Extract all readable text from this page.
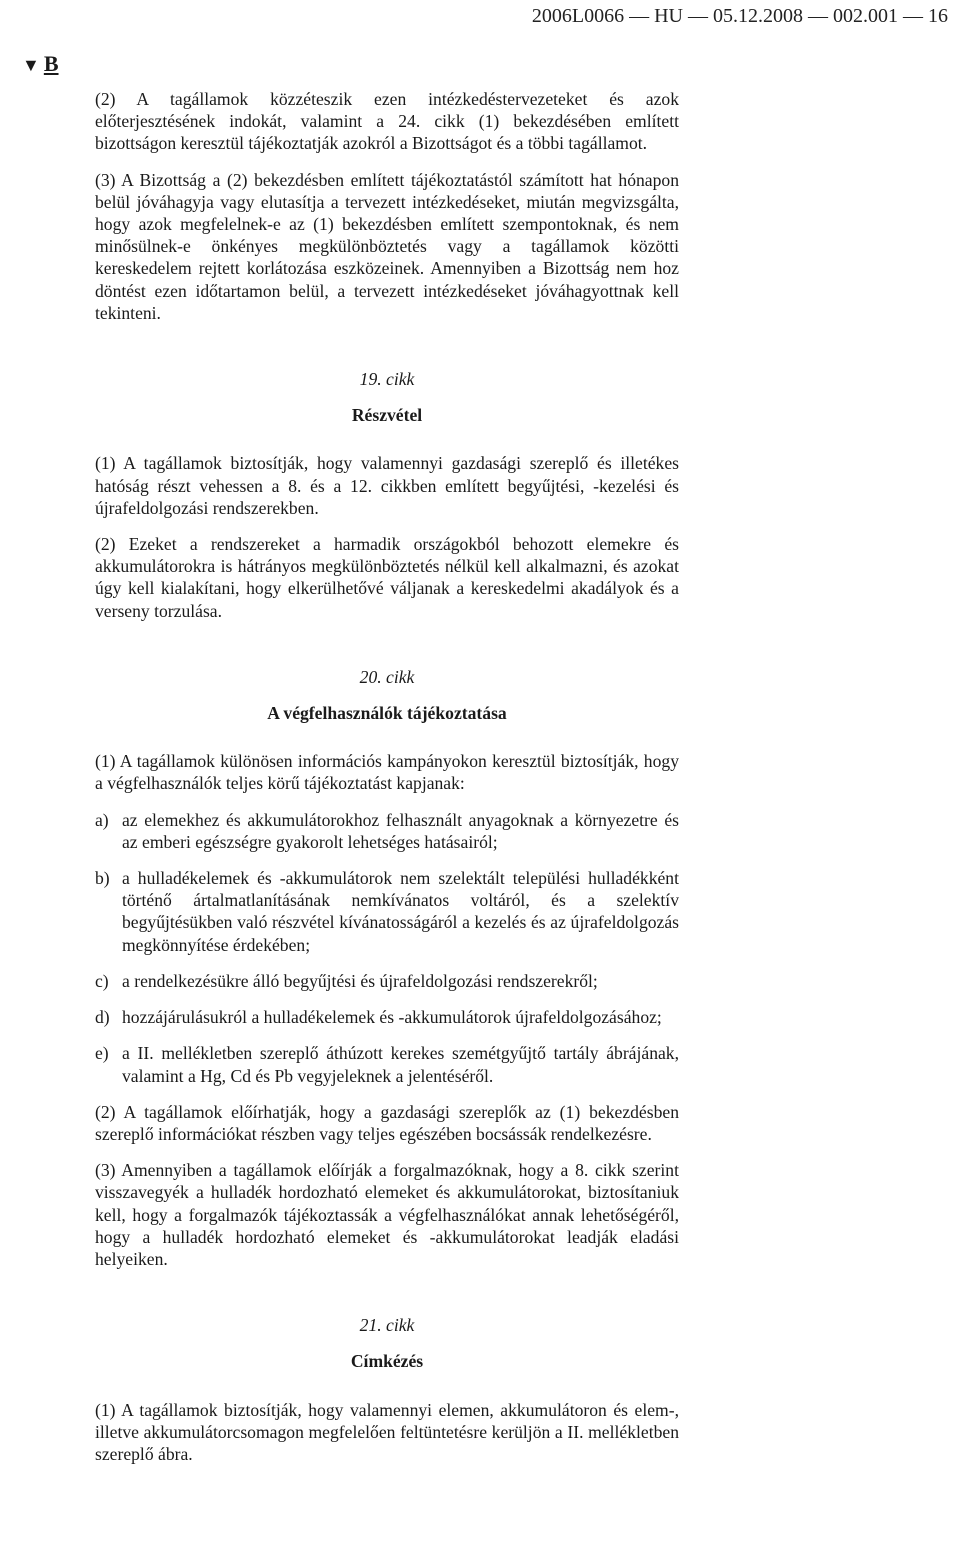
2006L0066 — HU — 05.12.2008 — 002.001 — 16
▼ B

(2) A tagállamok közzéteszik ezen intézkedéstervezeteket és azok előterjesztésének indokát, valamint a 24. cikk (1) bekezdésében említett bizottságon keresztül tájékoztatják azokról a Bizottságot és a többi tagállamot.

(3) A Bizottság a (2) bekezdésben említett tájékoztatástól számított hat hónapon belül jóváhagyja vagy elutasítja a tervezett intézkedéseket, miután megvizsgálta, hogy azok megfelelnek-e az (1) bekezdésben említett szempontoknak, és nem minősülnek-e önkényes megkülönböztetés vagy a tagállamok közötti kereskedelem rejtett korlátozása eszközeinek. Amennyiben a Bizottság nem hoz döntést ezen időtartamon belül, a tervezett intézkedéseket jóváhagyottnak kell tekinteni.

19. cikk
Részvétel

(1) A tagállamok biztosítják, hogy valamennyi gazdasági szereplő és illetékes hatóság részt vehessen a 8. és a 12. cikkben említett begyűjtési, -kezelési és újrafeldolgozási rendszerekben.

(2) Ezeket a rendszereket a harmadik országokból behozott elemekre és akkumulátorokra is hátrányos megkülönböztetés nélkül kell alkalmazni, és azokat úgy kell kialakítani, hogy elkerülhetővé váljanak a kereskedelmi akadályok és a verseny torzulása.

20. cikk
A végfelhasználók tájékoztatása

(1) A tagállamok különösen információs kampányokon keresztül biztosítják, hogy a végfelhasználók teljes körű tájékoztatást kapjanak:

a) az elemekhez és akkumulátorokhoz felhasznált anyagoknak a környezetre és az emberi egészségre gyakorolt lehetséges hatásairól;
b) a hulladékelemek és -akkumulátorok nem szelektált települési hulladékként történő ártalmatlanításának nemkívánatos voltáról, és a szelektív begyűjtésükben való részvétel kívánatosságáról a kezelés és az újrafeldolgozás megkönnyítése érdekében;
c) a rendelkezésükre álló begyűjtési és újrafeldolgozási rendszerekről;
d) hozzájárulásukról a hulladékelemek és -akkumulátorok újrafeldolgozásához;
e) a II. mellékletben szereplő áthúzott kerekes szemétgyűjtő tartály ábrájának, valamint a Hg, Cd és Pb vegyjeleknek a jelentéséről.

(2) A tagállamok előírhatják, hogy a gazdasági szereplők az (1) bekezdésben szereplő információkat részben vagy teljes egészében bocsássák rendelkezésre.

(3) Amennyiben a tagállamok előírják a forgalmazóknak, hogy a 8. cikk szerint visszavegyék a hulladék hordozható elemeket és akkumulátorokat, biztosítaniuk kell, hogy a forgalmazók tájékoztassák a végfelhasználókat annak lehetőségéről, hogy a hulladék hordozható elemeket és -akkumulátorokat leadják eladási helyeiken.

21. cikk
Címkézés

(1) A tagállamok biztosítják, hogy valamennyi elemen, akkumulátoron és elem-, illetve akkumulátorcsomagon megfelelően feltüntetésre kerüljön a II. mellékletben szereplő ábra.
